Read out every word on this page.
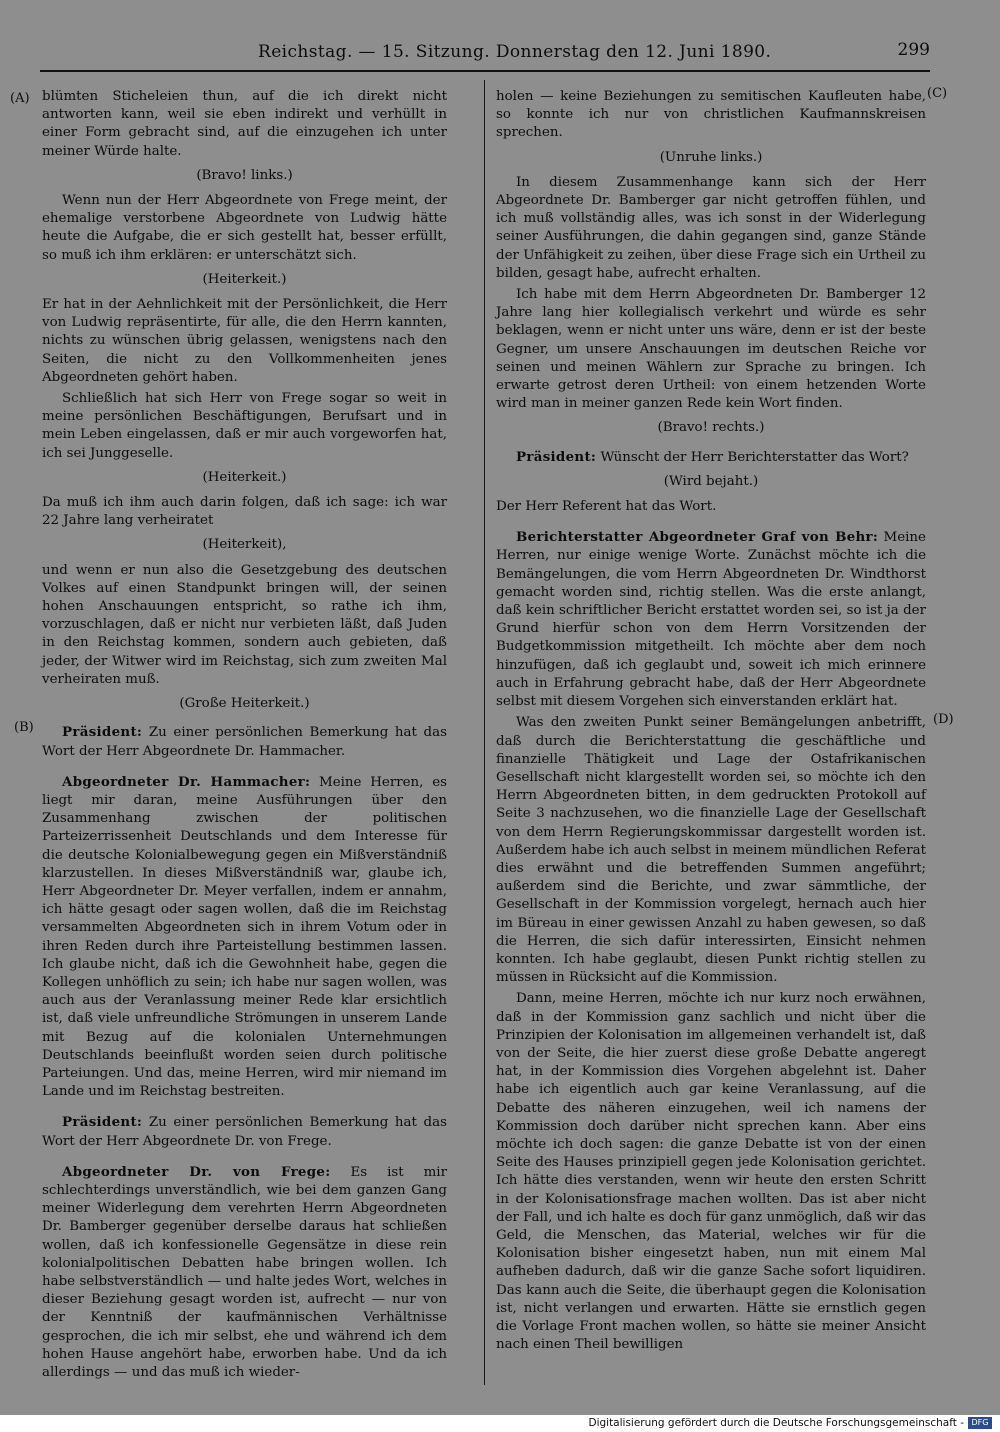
Reichstag. — 15. Sitzung. Donnerstag den 12. Juni 1890.	299
(A)
(B)
(C)
(D)

blümten Sticheleien thun, auf die ich direkt nicht antworten kann, weil sie eben indirekt und verhüllt in einer Form gebracht sind, auf die einzugehen ich unter meiner Würde halte.

(Bravo! links.)

Wenn nun der Herr Abgeordnete von Frege meint, der ehemalige verstorbene Abgeordnete von Ludwig hätte heute die Aufgabe, die er sich gestellt hat, besser erfüllt, so muß ich ihm erklären: er unterschätzt sich.

(Heiterkeit.)

Er hat in der Aehnlichkeit mit der Persönlichkeit, die Herr von Ludwig repräsentirte, für alle, die den Herrn kannten, nichts zu wünschen übrig gelassen, wenigstens nach den Seiten, die nicht zu den Vollkommenheiten jenes Abgeordneten gehört haben.

Schließlich hat sich Herr von Frege sogar so weit in meine persönlichen Beschäftigungen, Berufsart und in mein Leben eingelassen, daß er mir auch vorgeworfen hat, ich sei Junggeselle.

(Heiterkeit.)

Da muß ich ihm auch darin folgen, daß ich sage: ich war 22 Jahre lang verheiratet

(Heiterkeit),

und wenn er nun also die Gesetzgebung des deutschen Volkes auf einen Standpunkt bringen will, der seinen hohen Anschauungen entspricht, so rathe ich ihm, vorzuschlagen, daß er nicht nur verbieten läßt, daß Juden in den Reichstag kommen, sondern auch gebieten, daß jeder, der Witwer wird im Reichstag, sich zum zweiten Mal verheiraten muß.

(Große Heiterkeit.)

Präsident: Zu einer persönlichen Bemerkung hat das Wort der Herr Abgeordnete Dr. Hammacher.

Abgeordneter Dr. Hammacher: Meine Herren, es liegt mir daran, meine Ausführungen über den Zusammenhang zwischen der politischen Parteizerrissenheit Deutschlands und dem Interesse für die deutsche Kolonialbewegung gegen ein Mißverständniß klarzustellen. In dieses Mißverständniß war, glaube ich, Herr Abgeordneter Dr. Meyer verfallen, indem er annahm, ich hätte gesagt oder sagen wollen, daß die im Reichstag versammelten Abgeordneten sich in ihrem Votum oder in ihren Reden durch ihre Parteistellung bestimmen lassen. Ich glaube nicht, daß ich die Gewohnheit habe, gegen die Kollegen unhöflich zu sein; ich habe nur sagen wollen, was auch aus der Veranlassung meiner Rede klar ersichtlich ist, daß viele unfreundliche Strömungen in unserem Lande mit Bezug auf die kolonialen Unternehmungen Deutschlands beeinflußt worden seien durch politische Parteiungen. Und das, meine Herren, wird mir niemand im Lande und im Reichstag bestreiten.

Präsident: Zu einer persönlichen Bemerkung hat das Wort der Herr Abgeordnete Dr. von Frege.

Abgeordneter Dr. von Frege: Es ist mir schlechterdings unverständlich, wie bei dem ganzen Gang meiner Widerlegung dem verehrten Herrn Abgeordneten Dr. Bamberger gegenüber derselbe daraus hat schließen wollen, daß ich konfessionelle Gegensätze in diese rein kolonialpolitischen Debatten habe bringen wollen. Ich habe selbstverständlich — und halte jedes Wort, welches in dieser Beziehung gesagt worden ist, aufrecht — nur von der Kenntniß der kaufmännischen Verhältnisse gesprochen, die ich mir selbst, ehe und während ich dem hohen Hause angehört habe, erworben habe. Und da ich allerdings — und das muß ich wieder-

holen — keine Beziehungen zu semitischen Kaufleuten habe, so konnte ich nur von christlichen Kaufmannskreisen sprechen.

(Unruhe links.)

In diesem Zusammenhange kann sich der Herr Abgeordnete Dr. Bamberger gar nicht getroffen fühlen, und ich muß vollständig alles, was ich sonst in der Widerlegung seiner Ausführungen, die dahin gegangen sind, ganze Stände der Unfähigkeit zu zeihen, über diese Frage sich ein Urtheil zu bilden, gesagt habe, aufrecht erhalten.

Ich habe mit dem Herrn Abgeordneten Dr. Bamberger 12 Jahre lang hier kollegialisch verkehrt und würde es sehr beklagen, wenn er nicht unter uns wäre, denn er ist der beste Gegner, um unsere Anschauungen im deutschen Reiche vor seinen und meinen Wählern zur Sprache zu bringen. Ich erwarte getrost deren Urtheil: von einem hetzenden Worte wird man in meiner ganzen Rede kein Wort finden.

(Bravo! rechts.)

Präsident: Wünscht der Herr Berichterstatter das Wort?

(Wird bejaht.)

Der Herr Referent hat das Wort.

Berichterstatter Abgeordneter Graf von Behr: Meine Herren, nur einige wenige Worte. Zunächst möchte ich die Bemängelungen, die vom Herrn Abgeordneten Dr. Windthorst gemacht worden sind, richtig stellen. Was die erste anlangt, daß kein schriftlicher Bericht erstattet worden sei, so ist ja der Grund hierfür schon von dem Herrn Vorsitzenden der Budgetkommission mitgetheilt. Ich möchte aber dem noch hinzufügen, daß ich geglaubt und, soweit ich mich erinnere auch in Erfahrung gebracht habe, daß der Herr Abgeordnete selbst mit diesem Vorgehen sich einverstanden erklärt hat.

Was den zweiten Punkt seiner Bemängelungen anbetrifft, daß durch die Berichterstattung die geschäftliche und finanzielle Thätigkeit und Lage der Ostafrikanischen Gesellschaft nicht klargestellt worden sei, so möchte ich den Herrn Abgeordneten bitten, in dem gedruckten Protokoll auf Seite 3 nachzusehen, wo die finanzielle Lage der Gesellschaft von dem Herrn Regierungskommissar dargestellt worden ist. Außerdem habe ich auch selbst in meinem mündlichen Referat dies erwähnt und die betreffenden Summen angeführt; außerdem sind die Berichte, und zwar sämmtliche, der Gesellschaft in der Kommission vorgelegt, hernach auch hier im Büreau in einer gewissen Anzahl zu haben gewesen, so daß die Herren, die sich dafür interessirten, Einsicht nehmen konnten. Ich habe geglaubt, diesen Punkt richtig stellen zu müssen in Rücksicht auf die Kommission.

Dann, meine Herren, möchte ich nur kurz noch erwähnen, daß in der Kommission ganz sachlich und nicht über die Prinzipien der Kolonisation im allgemeinen verhandelt ist, daß von der Seite, die hier zuerst diese große Debatte angeregt hat, in der Kommission dies Vorgehen abgelehnt ist. Daher habe ich eigentlich auch gar keine Veranlassung, auf die Debatte des näheren einzugehen, weil ich namens der Kommission doch darüber nicht sprechen kann. Aber eins möchte ich doch sagen: die ganze Debatte ist von der einen Seite des Hauses prinzipiell gegen jede Kolonisation gerichtet. Ich hätte dies verstanden, wenn wir heute den ersten Schritt in der Kolonisationsfrage machen wollten. Das ist aber nicht der Fall, und ich halte es doch für ganz unmöglich, daß wir das Geld, die Menschen, das Material, welches wir für die Kolonisation bisher eingesetzt haben, nun mit einem Mal aufheben dadurch, daß wir die ganze Sache sofort liquidiren. Das kann auch die Seite, die überhaupt gegen die Kolonisation ist, nicht verlangen und erwarten. Hätte sie ernstlich gegen die Vorlage Front machen wollen, so hätte sie meiner Ansicht nach einen Theil bewilligen

Digitalisierung gefördert durch die Deutsche Forschungsgemeinschaft - DFG
